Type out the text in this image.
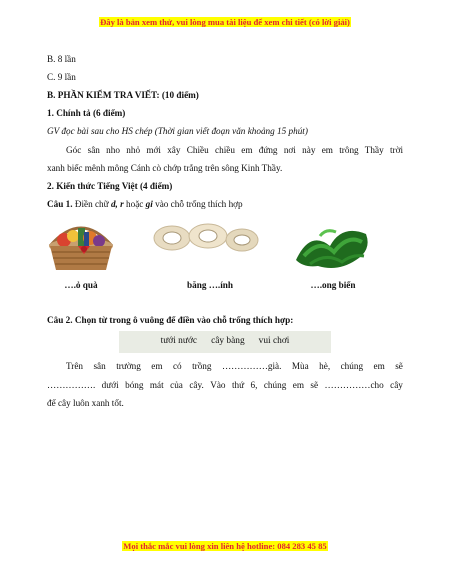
Đây là bản xem thử, vui lòng mua tài liệu để xem chi tiết (có lời giải)
B. 8 lần
C. 9 lần
B. PHẦN KIỂM TRA VIẾT: (10 điểm)
1. Chính tả (6 điểm)
GV đọc bài sau cho HS chép (Thời gian viết đoạn văn khoảng 15 phút)
Góc sân nho nhỏ mới xây Chiều chiều em đứng nơi này em trông Thầy trời
xanh biếc mênh mông Cánh cò chớp trắng trên sông Kinh Thầy.
2. Kiến thức Tiếng Việt (4 điểm)
Câu 1. Điền chữ d, r hoặc gi vào chỗ trống thích hợp
….ỏ quà	băng ….ính	….ong biển
Câu 2. Chọn từ trong ô vuông để điền vào chỗ trống thích hợp:
tưới nước cây bàng vui chơi
Trên sân trường em có trồng ……………già. Mùa hè, chúng em sẽ
……………. dưới bóng mát của cây. Vào thứ 6, chúng em sẽ ……………cho cây
để cây luôn xanh tốt.
Mọi thắc mắc vui lòng xin liên hệ hotline: 084 283 45 85
